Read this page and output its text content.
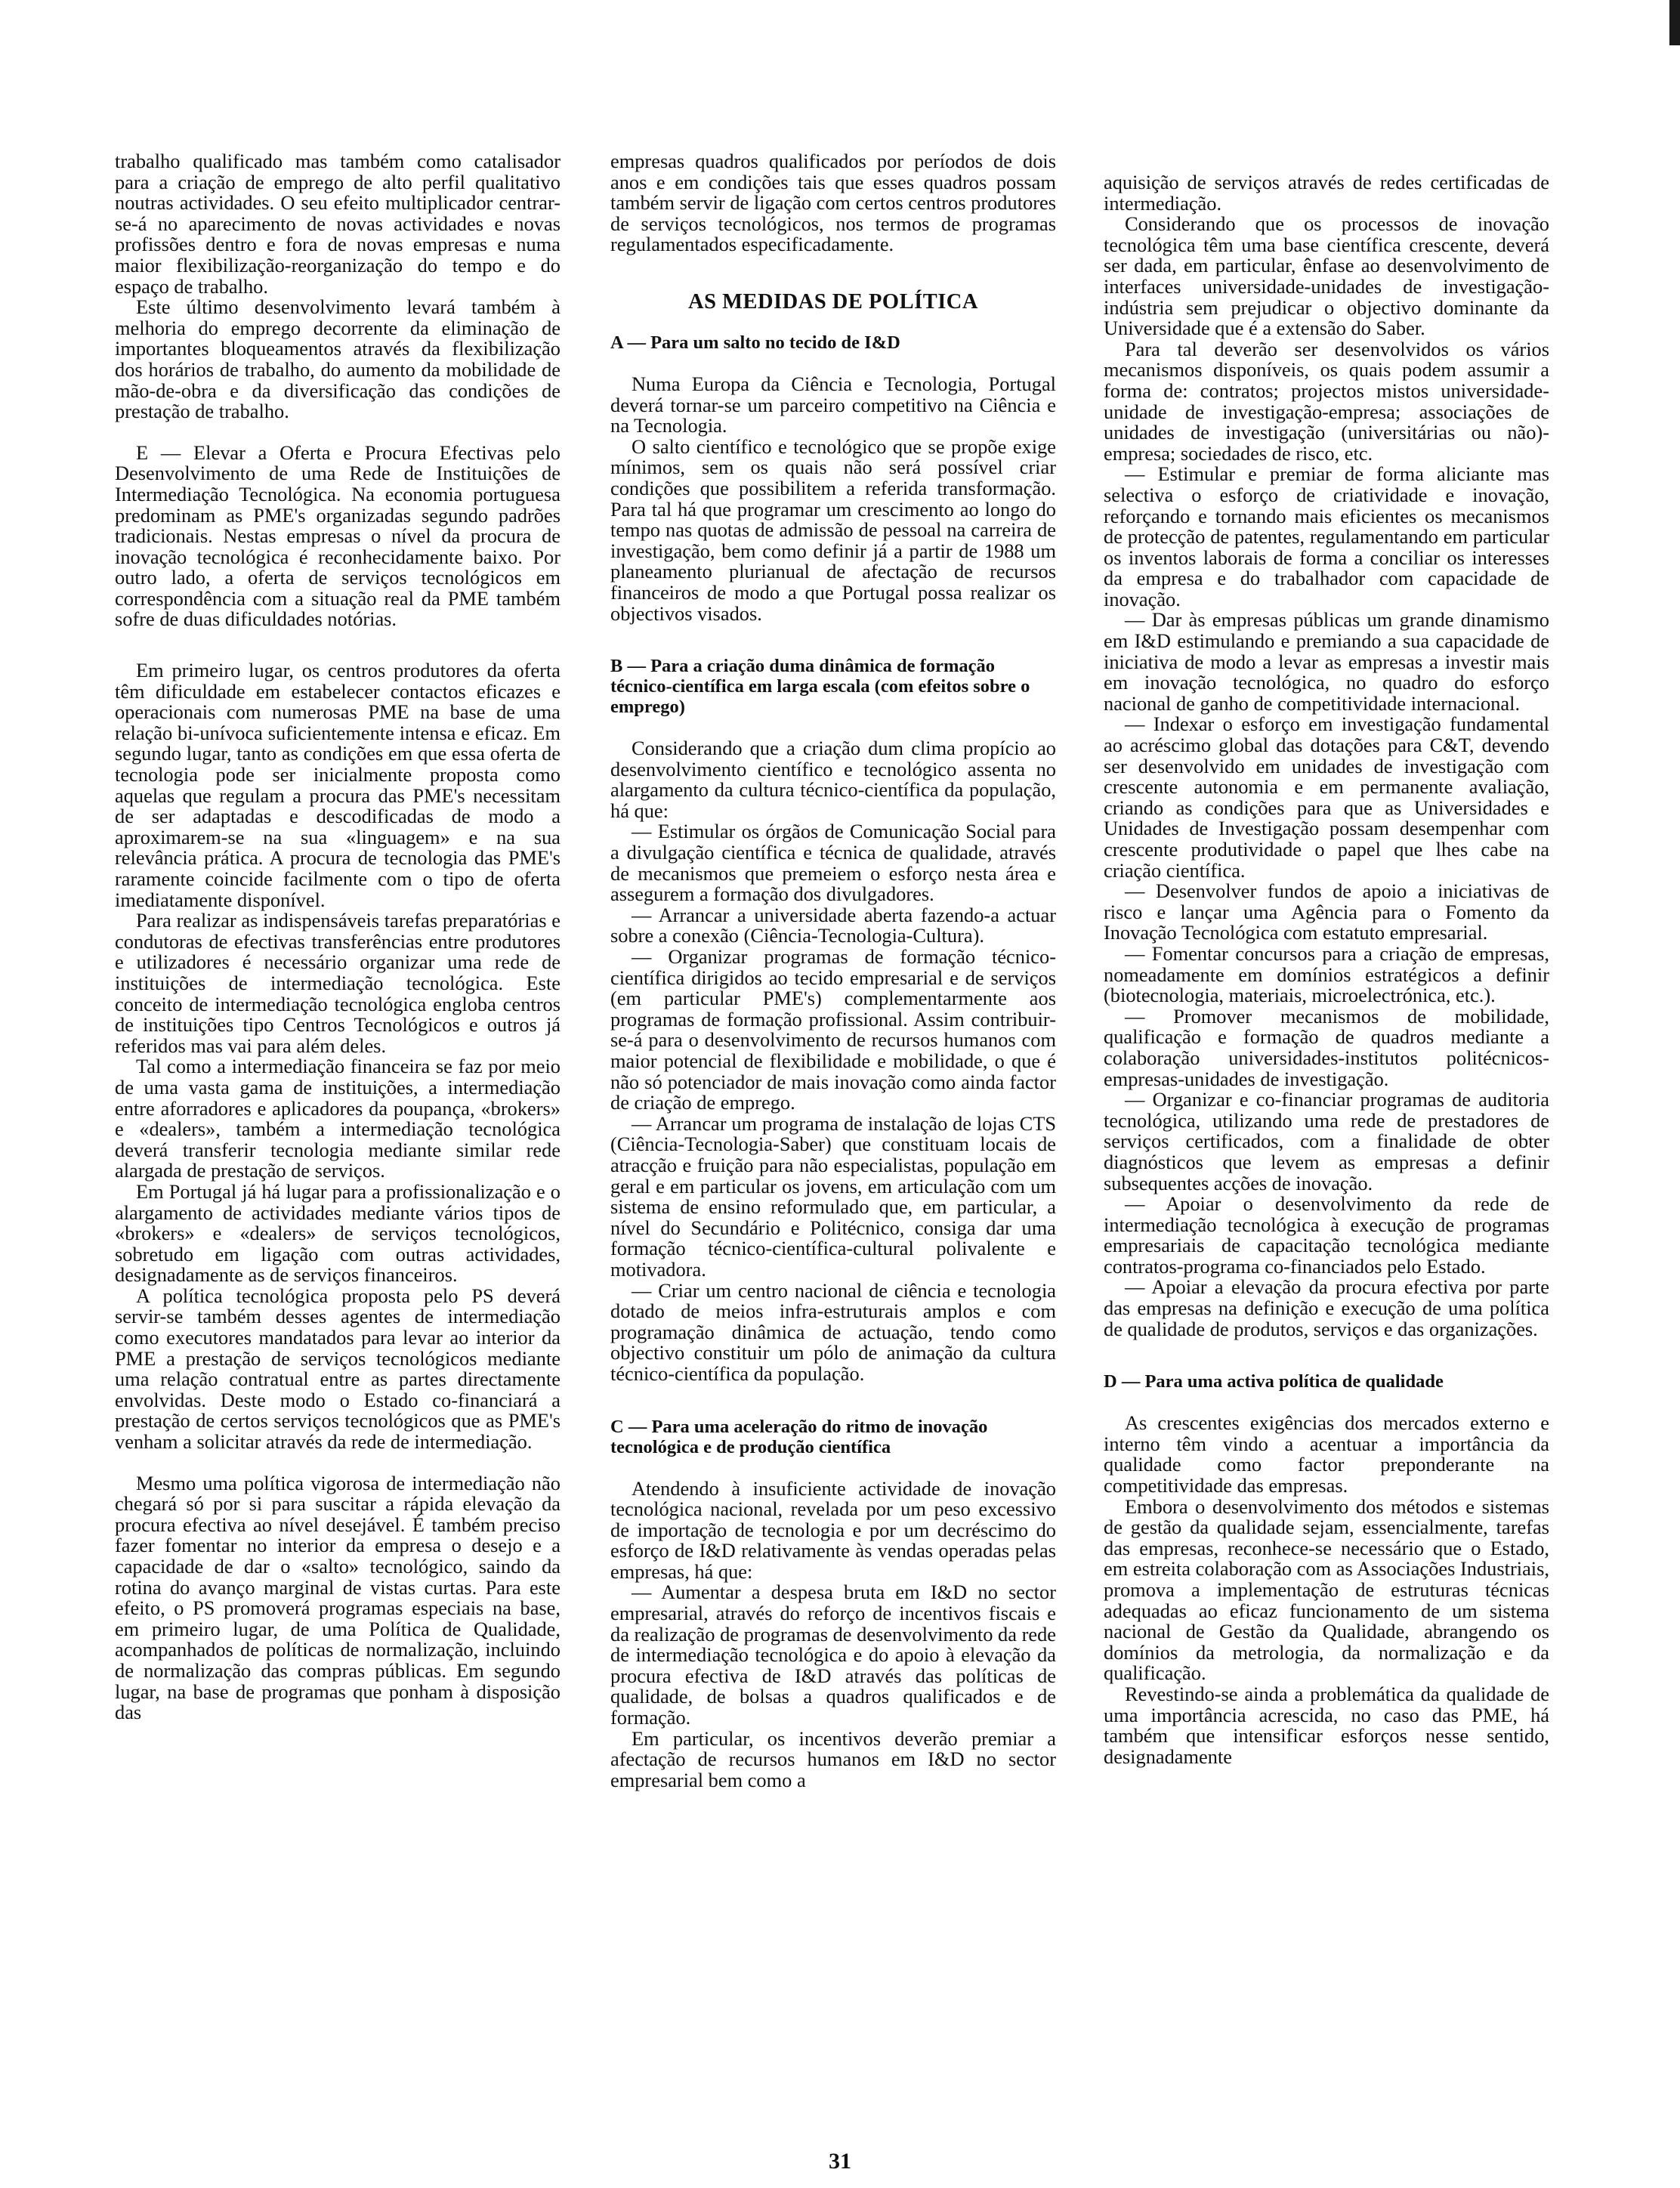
trabalho qualificado mas também como catalisador para a criação de emprego de alto perfil qualitativo noutras actividades. O seu efeito multiplicador centrar-se-á no aparecimento de novas actividades e novas profissões dentro e fora de novas empresas e numa maior flexibilização-reorganização do tempo e do espaço de trabalho.

Este último desenvolvimento levará também à melhoria do emprego decorrente da eliminação de importantes bloqueamentos através da flexibilização dos horários de trabalho, do aumento da mobilidade de mão-de-obra e da diversificação das condições de prestação de trabalho.

E — Elevar a Oferta e Procura Efectivas pelo Desenvolvimento de uma Rede de Instituições de Intermediação Tecnológica. Na economia portuguesa predominam as PME's organizadas segundo padrões tradicionais. Nestas empresas o nível da procura de inovação tecnológica é reconhecidamente baixo. Por outro lado, a oferta de serviços tecnológicos em correspondência com a situação real da PME também sofre de duas dificuldades notórias.

Em primeiro lugar, os centros produtores da oferta têm dificuldade em estabelecer contactos eficazes e operacionais com numerosas PME na base de uma relação bi-unívoca suficientemente intensa e eficaz. Em segundo lugar, tanto as condições em que essa oferta de tecnologia pode ser inicialmente proposta como aquelas que regulam a procura das PME's necessitam de ser adaptadas e descodificadas de modo a aproximarem-se na sua «linguagem» e na sua relevância prática. A procura de tecnologia das PME's raramente coincide facilmente com o tipo de oferta imediatamente disponível.

Para realizar as indispensáveis tarefas preparatórias e condutoras de efectivas transferências entre produtores e utilizadores é necessário organizar uma rede de instituições de intermediação tecnológica. Este conceito de intermediação tecnológica engloba centros de instituições tipo Centros Tecnológicos e outros já referidos mas vai para além deles.

Tal como a intermediação financeira se faz por meio de uma vasta gama de instituições, a intermediação entre aforradores e aplicadores da poupança, «brokers» e «dealers», também a intermediação tecnológica deverá transferir tecnologia mediante similar rede alargada de prestação de serviços.

Em Portugal já há lugar para a profissionalização e o alargamento de actividades mediante vários tipos de «brokers» e «dealers» de serviços tecnológicos, sobretudo em ligação com outras actividades, designadamente as de serviços financeiros.

A política tecnológica proposta pelo PS deverá servir-se também desses agentes de intermediação como executores mandatados para levar ao interior da PME a prestação de serviços tecnológicos mediante uma relação contratual entre as partes directamente envolvidas. Deste modo o Estado co-financiará a prestação de certos serviços tecnológicos que as PME's venham a solicitar através da rede de intermediação.

Mesmo uma política vigorosa de intermediação não chegará só por si para suscitar a rápida elevação da procura efectiva ao nível desejável. É também preciso fazer fomentar no interior da empresa o desejo e a capacidade de dar o «salto» tecnológico, saindo da rotina do avanço marginal de vistas curtas. Para este efeito, o PS promoverá programas especiais na base, em primeiro lugar, de uma Política de Qualidade, acompanhados de políticas de normalização, incluindo de normalização das compras públicas. Em segundo lugar, na base de programas que ponham à disposição das

empresas quadros qualificados por períodos de dois anos e em condições tais que esses quadros possam também servir de ligação com certos centros produtores de serviços tecnológicos, nos termos de programas regulamentados especificadamente.

AS MEDIDAS DE POLÍTICA
A — Para um salto no tecido de I&D

Numa Europa da Ciência e Tecnologia, Portugal deverá tornar-se um parceiro competitivo na Ciência e na Tecnologia.

O salto científico e tecnológico que se propõe exige mínimos, sem os quais não será possível criar condições que possibilitem a referida transformação. Para tal há que programar um crescimento ao longo do tempo nas quotas de admissão de pessoal na carreira de investigação, bem como definir já a partir de 1988 um planeamento plurianual de afectação de recursos financeiros de modo a que Portugal possa realizar os objectivos visados.

B — Para a criação duma dinâmica de formação técnico-científica em larga escala (com efeitos sobre o emprego)

Considerando que a criação dum clima propício ao desenvolvimento científico e tecnológico assenta no alargamento da cultura técnico-científica da população, há que:

— Estimular os órgãos de Comunicação Social para a divulgação científica e técnica de qualidade, através de mecanismos que premeiem o esforço nesta área e assegurem a formação dos divulgadores.

— Arrancar a universidade aberta fazendo-a actuar sobre a conexão (Ciência-Tecnologia-Cultura).

— Organizar programas de formação técnico-científica dirigidos ao tecido empresarial e de serviços (em particular PME's) complementarmente aos programas de formação profissional. Assim contribuir-se-á para o desenvolvimento de recursos humanos com maior potencial de flexibilidade e mobilidade, o que é não só potenciador de mais inovação como ainda factor de criação de emprego.

— Arrancar um programa de instalação de lojas CTS (Ciência-Tecnologia-Saber) que constituam locais de atracção e fruição para não especialistas, população em geral e em particular os jovens, em articulação com um sistema de ensino reformulado que, em particular, a nível do Secundário e Politécnico, consiga dar uma formação técnico-científica-cultural polivalente e motivadora.

— Criar um centro nacional de ciência e tecnologia dotado de meios infra-estruturais amplos e com programação dinâmica de actuação, tendo como objectivo constituir um pólo de animação da cultura técnico-científica da população.

C — Para uma aceleração do ritmo de inovação tecnológica e de produção científica

Atendendo à insuficiente actividade de inovação tecnológica nacional, revelada por um peso excessivo de importação de tecnologia e por um decréscimo do esforço de I&D relativamente às vendas operadas pelas empresas, há que:

— Aumentar a despesa bruta em I&D no sector empresarial, através do reforço de incentivos fiscais e da realização de programas de desenvolvimento da rede de intermediação tecnológica e do apoio à elevação da procura efectiva de I&D através das políticas de qualidade, de bolsas a quadros qualificados e de formação.

Em particular, os incentivos deverão premiar a afectação de recursos humanos em I&D no sector empresarial bem como a

aquisição de serviços através de redes certificadas de intermediação.

Considerando que os processos de inovação tecnológica têm uma base científica crescente, deverá ser dada, em particular, ênfase ao desenvolvimento de interfaces universidade-unidades de investigação-indústria sem prejudicar o objectivo dominante da Universidade que é a extensão do Saber.

Para tal deverão ser desenvolvidos os vários mecanismos disponíveis, os quais podem assumir a forma de: contratos; projectos mistos universidade-unidade de investigação-empresa; associações de unidades de investigação (universitárias ou não)-empresa; sociedades de risco, etc.

— Estimular e premiar de forma aliciante mas selectiva o esforço de criatividade e inovação, reforçando e tornando mais eficientes os mecanismos de protecção de patentes, regulamentando em particular os inventos laborais de forma a conciliar os interesses da empresa e do trabalhador com capacidade de inovação.

— Dar às empresas públicas um grande dinamismo em I&D estimulando e premiando a sua capacidade de iniciativa de modo a levar as empresas a investir mais em inovação tecnológica, no quadro do esforço nacional de ganho de competitividade internacional.

— Indexar o esforço em investigação fundamental ao acréscimo global das dotações para C&T, devendo ser desenvolvido em unidades de investigação com crescente autonomia e em permanente avaliação, criando as condições para que as Universidades e Unidades de Investigação possam desempenhar com crescente produtividade o papel que lhes cabe na criação científica.

— Desenvolver fundos de apoio a iniciativas de risco e lançar uma Agência para o Fomento da Inovação Tecnológica com estatuto empresarial.

— Fomentar concursos para a criação de empresas, nomeadamente em domínios estratégicos a definir (biotecnologia, materiais, microelectrónica, etc.).

— Promover mecanismos de mobilidade, qualificação e formação de quadros mediante a colaboração universidades-institutos politécnicos-empresas-unidades de investigação.

— Organizar e co-financiar programas de auditoria tecnológica, utilizando uma rede de prestadores de serviços certificados, com a finalidade de obter diagnósticos que levem as empresas a definir subsequentes acções de inovação.

— Apoiar o desenvolvimento da rede de intermediação tecnológica à execução de programas empresariais de capacitação tecnológica mediante contratos-programa co-financiados pelo Estado.

— Apoiar a elevação da procura efectiva por parte das empresas na definição e execução de uma política de qualidade de produtos, serviços e das organizações.

D — Para uma activa política de qualidade

As crescentes exigências dos mercados externo e interno têm vindo a acentuar a importância da qualidade como factor preponderante na competitividade das empresas.

Embora o desenvolvimento dos métodos e sistemas de gestão da qualidade sejam, essencialmente, tarefas das empresas, reconhece-se necessário que o Estado, em estreita colaboração com as Associações Industriais, promova a implementação de estruturas técnicas adequadas ao eficaz funcionamento de um sistema nacional de Gestão da Qualidade, abrangendo os domínios da metrologia, da normalização e da qualificação.

Revestindo-se ainda a problemática da qualidade de uma importância acrescida, no caso das PME, há também que intensificar esforços nesse sentido, designadamente

31
